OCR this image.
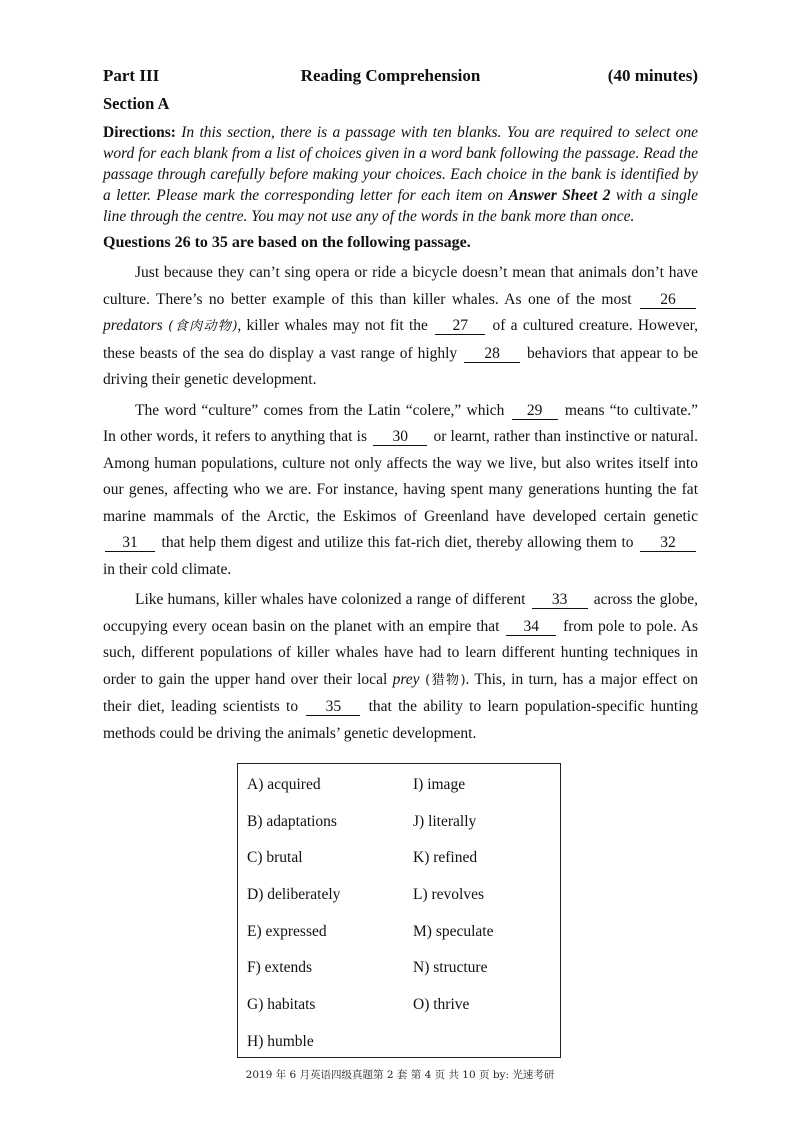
Part III	Reading Comprehension	(40 minutes)
Section A
Directions: In this section, there is a passage with ten blanks. You are required to select one word for each blank from a list of choices given in a word bank following the passage. Read the passage through carefully before making your choices. Each choice in the bank is identified by a letter. Please mark the corresponding letter for each item on Answer Sheet 2 with a single line through the centre. You may not use any of the words in the bank more than once.
Questions 26 to 35 are based on the following passage.

Just because they can’t sing opera or ride a bicycle doesn’t mean that animals don’t have culture. There’s no better example of this than killer whales. As one of the most 26 predators (食肉动物), killer whales may not fit the 27 of a cultured creature. However, these beasts of the sea do display a vast range of highly 28 behaviors that appear to be driving their genetic development.

The word “culture” comes from the Latin “colere,” which 29 means “to cultivate.” In other words, it refers to anything that is 30 or learnt, rather than instinctive or natural. Among human populations, culture not only affects the way we live, but also writes itself into our genes, affecting who we are. For instance, having spent many generations hunting the fat marine mammals of the Arctic, the Eskimos of Greenland have developed certain genetic 31 that help them digest and utilize this fat-rich diet, thereby allowing them to 32 in their cold climate.

Like humans, killer whales have colonized a range of different 33 across the globe, occupying every ocean basin on the planet with an empire that 34 from pole to pole. As such, different populations of killer whales have had to learn different hunting techniques in order to gain the upper hand over their local prey (猎物). This, in turn, has a major effect on their diet, leading scientists to 35 that the ability to learn population-specific hunting methods could be driving the animals’ genetic development.

A) acquired	I) image
B) adaptations	J) literally
C) brutal	K) refined
D) deliberately	L) revolves
E) expressed	M) speculate
F) extends	N) structure
G) habitats	O) thrive
H) humble
2019 年 6 月英语四级真题第 2 套 第 4 页 共 10 页 by: 光速考研
